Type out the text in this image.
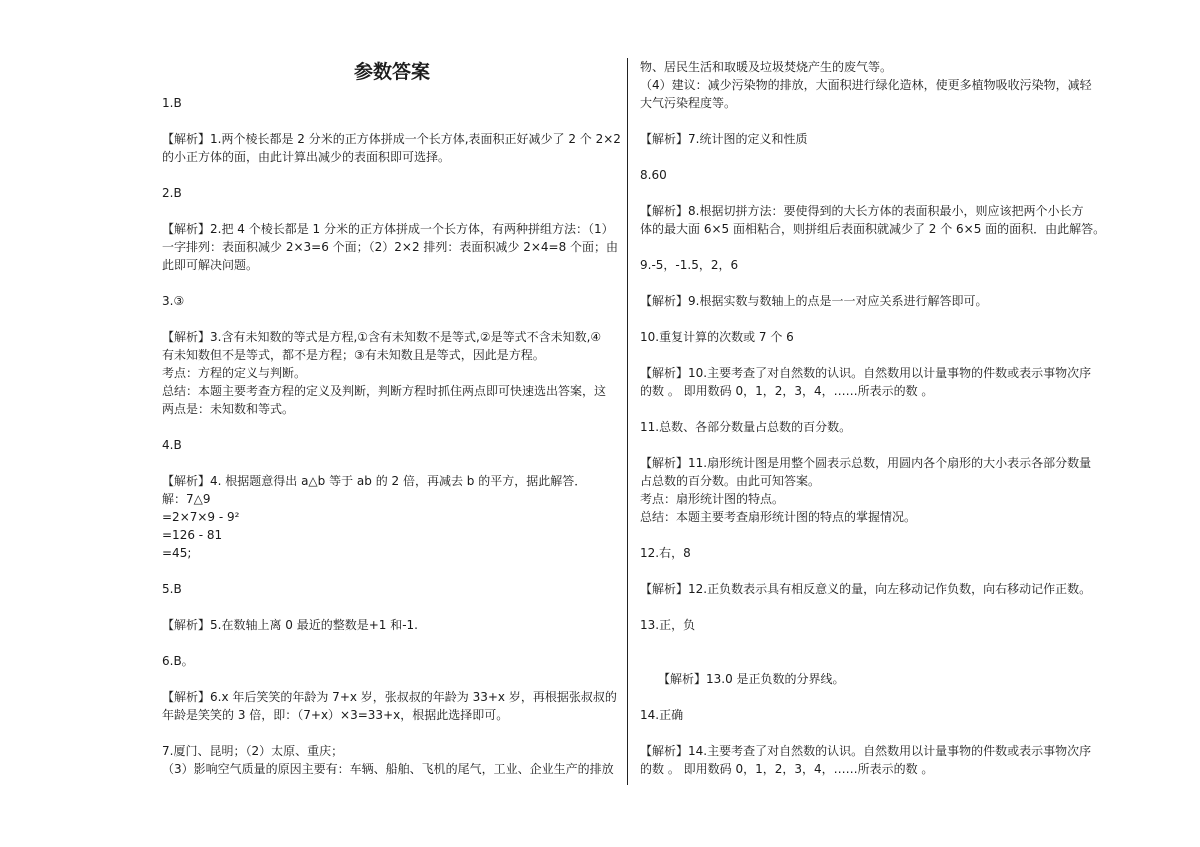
参数答案
1.B
【解析】1.两个棱长都是 2 分米的正方体拼成一个长方体,表面积正好减少了 2 个 2×2
的小正方体的面，由此计算出减少的表面积即可选择。
2.B
【解析】2.把 4 个棱长都是 1 分米的正方体拼成一个长方体，有两种拼组方法：（1）
一字排列：表面积减少 2×3=6 个面；（2）2×2 排列：表面积减少 2×4=8 个面；由
此即可解决问题。
3.③
【解析】3.含有未知数的等式是方程,①含有未知数不是等式,②是等式不含未知数,④
有未知数但不是等式，都不是方程；③有未知数且是等式，因此是方程。
考点：方程的定义与判断。
总结：本题主要考查方程的定义及判断，判断方程时抓住两点即可快速选出答案，这
两点是：未知数和等式。
4.B
【解析】4. 根据题意得出 a△b 等于 ab 的 2 倍，再减去 b 的平方，据此解答．
解：7△9
=2×7×9 - 9²
=126 - 81
=45;
5.B
【解析】5.在数轴上离 0 最近的整数是+1 和-1.
6.B。
【解析】6.x 年后笑笑的年龄为 7+x 岁，张叔叔的年龄为 33+x 岁，再根据张叔叔的
年龄是笑笑的 3 倍，即：（7+x）×3=33+x，根据此选择即可。
7.厦门、昆明；（2）太原、重庆；
（3）影响空气质量的原因主要有：车辆、船舶、飞机的尾气，工业、企业生产的排放
物、居民生活和取暖及垃圾焚烧产生的废气等。
（4）建议：减少污染物的排放，大面积进行绿化造林，使更多植物吸收污染物，减轻
大气污染程度等。
【解析】7.统计图的定义和性质
8.60
【解析】8.根据切拼方法：要使得到的大长方体的表面积最小，则应该把两个小长方
体的最大面 6×5 面相粘合，则拼组后表面积就减少了 2 个 6×5 面的面积．由此解答。
9.-5，-1.5，2，6
【解析】9.根据实数与数轴上的点是一一对应关系进行解答即可。
10.重复计算的次数或 7 个 6
【解析】10.主要考查了对自然数的认识。自然数用以计量事物的件数或表示事物次序
的数 。 即用数码 0，1，2，3，4，……所表示的数 。
11.总数、各部分数量占总数的百分数。
【解析】11.扇形统计图是用整个圆表示总数，用圆内各个扇形的大小表示各部分数量
占总数的百分数。由此可知答案。
考点：扇形统计图的特点。
总结：本题主要考查扇形统计图的特点的掌握情况。
12.右，8
【解析】12.正负数表示具有相反意义的量，向左移动记作负数，向右移动记作正数。
13.正，负
　　【解析】13.0 是正负数的分界线。
14.正确
【解析】14.主要考查了对自然数的认识。自然数用以计量事物的件数或表示事物次序
的数 。 即用数码 0，1，2，3，4，……所表示的数 。
